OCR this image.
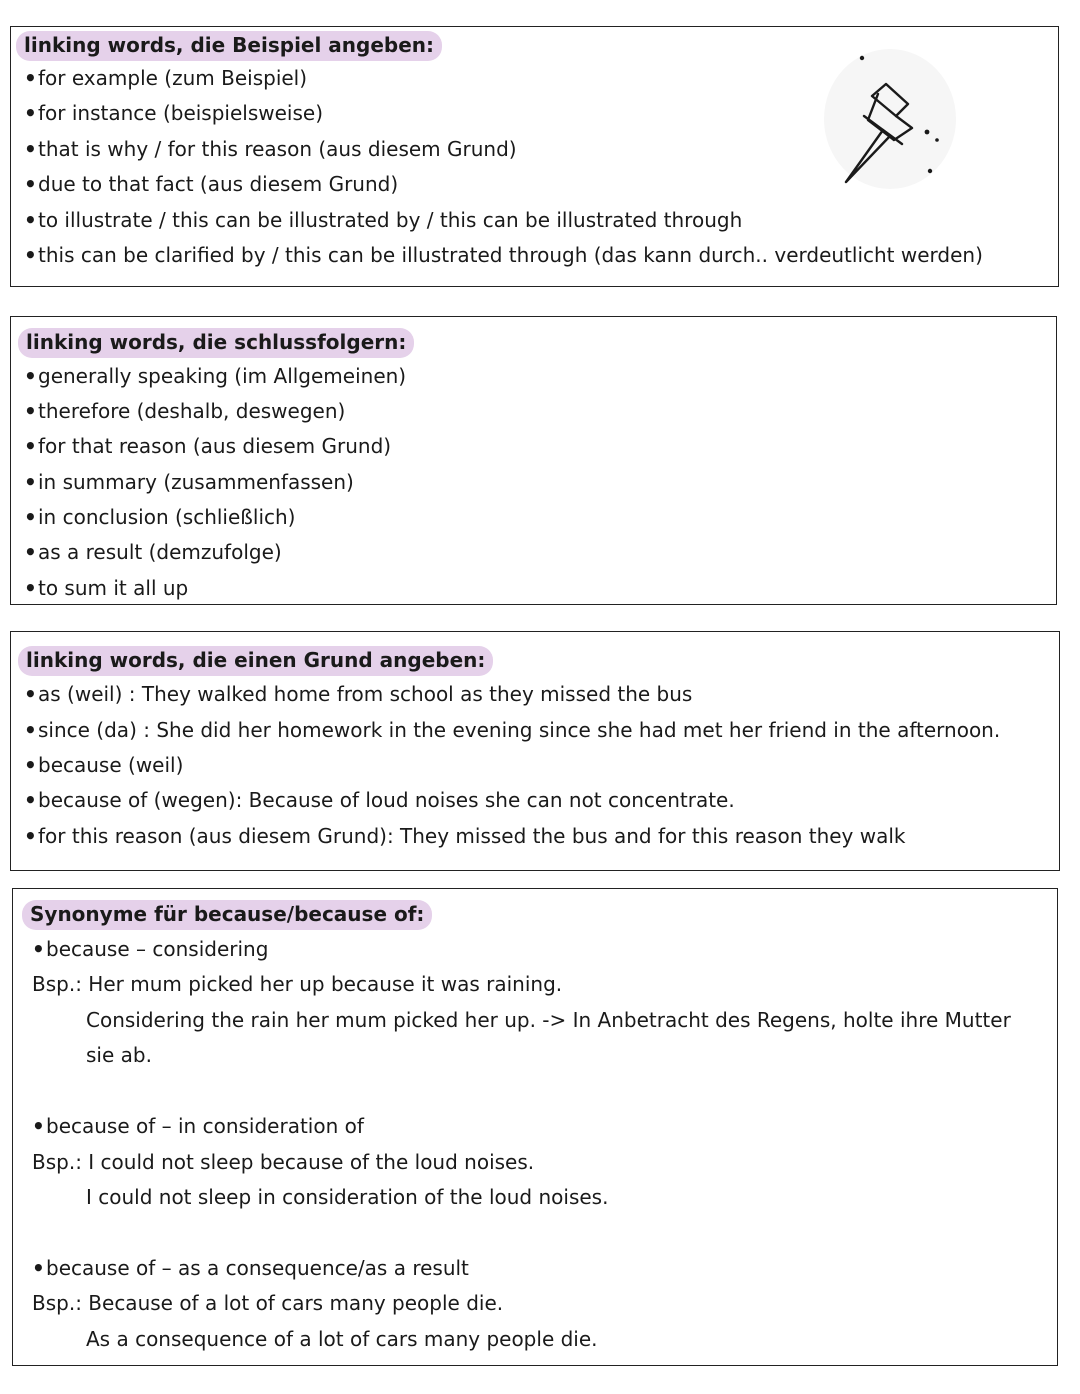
linking words, die Beispiel angeben:
• for example (zum Beispiel)
• for instance (beispielsweise)
• that is why / for this reason (aus diesem Grund)
• due to that fact (aus diesem Grund)
• to illustrate / this can be illustrated by / this can be illustrated through
• this can be clarified by / this can be illustrated through (das kann durch.. verdeutlicht werden)
linking words, die schlussfolgern:
• generally speaking (im Allgemeinen)
• therefore (deshalb, deswegen)
• for that reason (aus diesem Grund)
• in summary (zusammenfassen)
• in conclusion (schließlich)
• as a result (demzufolge)
• to sum it all up
linking words, die einen Grund angeben:
• as (weil) : They walked home from school as they missed the bus
• since (da) : She did her homework in the evening since she had met her friend in the afternoon.
• because (weil)
• because of (wegen): Because of loud noises she can not concentrate.
• for this reason (aus diesem Grund): They missed the bus and for this reason they walk
Synonyme für because/because of:
• because – considering
Bsp.: Her mum picked her up because it was raining.
Considering the rain her mum picked her up. -> In Anbetracht des Regens, holte ihre Mutter
sie ab.
• because of – in consideration of
Bsp.: I could not sleep because of the loud noises.
I could not sleep in consideration of the loud noises.
• because of – as a consequence/as a result
Bsp.: Because of a lot of cars many people die.
As a consequence of a lot of cars many people die.
